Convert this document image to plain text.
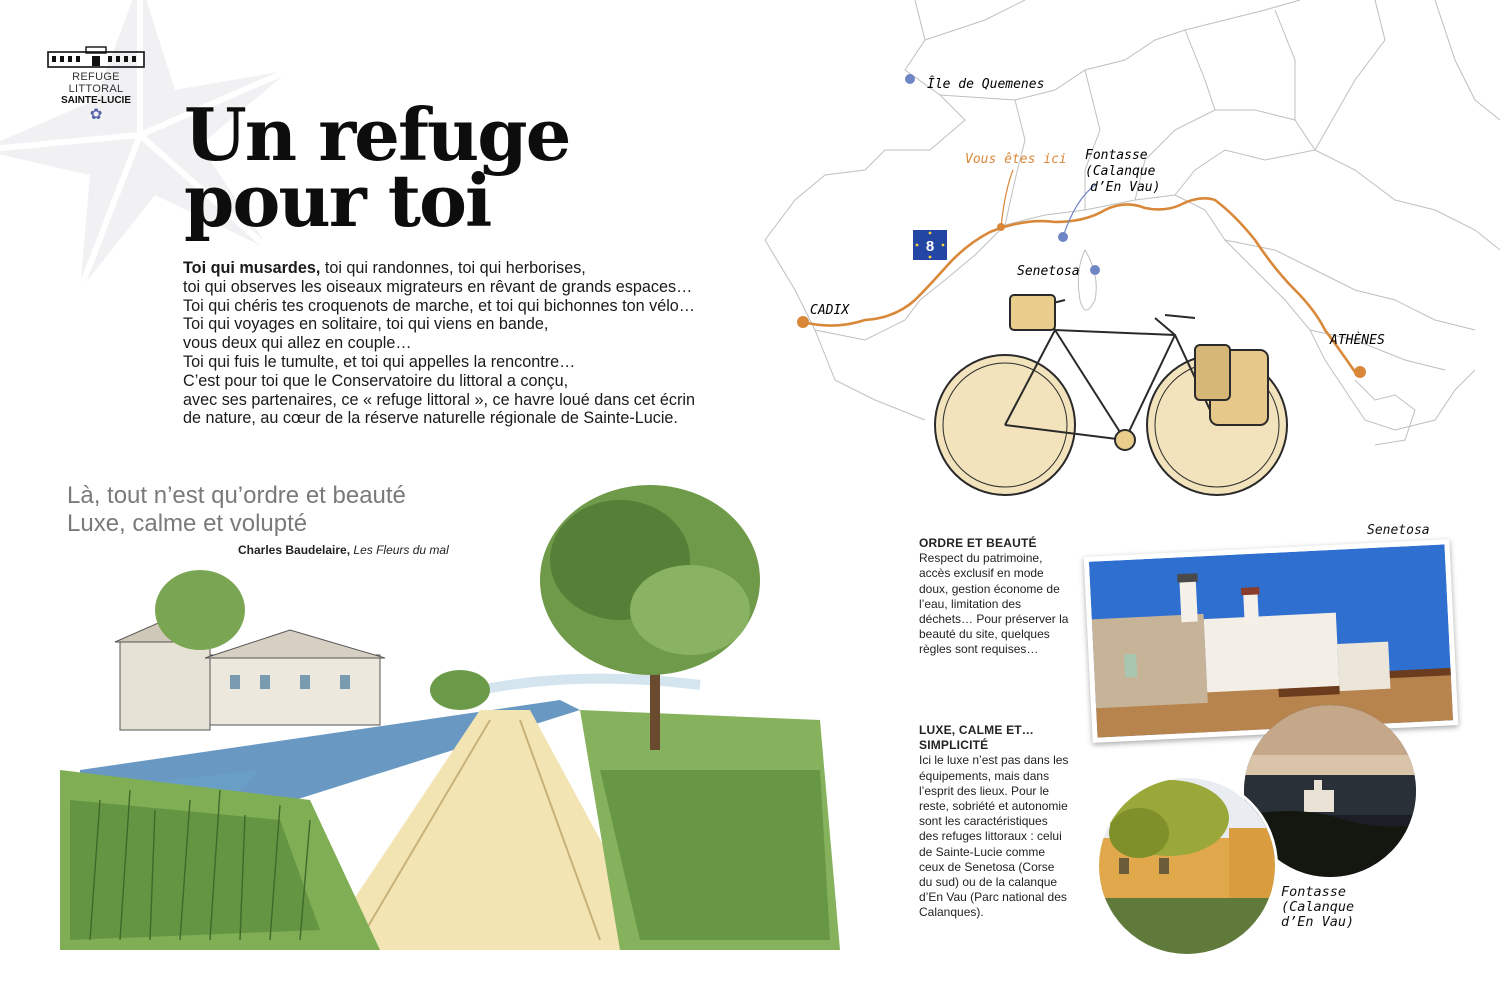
REFUGE LITTORAL
SAINTE-LUCIE
✿	Un refuge
pour toi
Toi qui musardes, toi qui randonnes, toi qui herborises,
toi qui observes les oiseaux migrateurs en rêvant de grands espaces…
Toi qui chéris tes croquenots de marche, et toi qui bichonnes ton vélo…
Toi qui voyages en solitaire, toi qui viens en bande,
vous deux qui allez en couple…
Toi qui fuis le tumulte, et toi qui appelles la rencontre…
C’est pour toi que le Conservatoire du littoral a conçu,
avec ses partenaires, ce « refuge littoral », ce havre loué dans cet écrin
de nature, au cœur de la réserve naturelle régionale de Sainte-Lucie.
Là, tout n’est qu’ordre et beauté
Luxe, calme et volupté
Charles Baudelaire, Les Fleurs du mal
8
Île de Quemenes
Vous êtes ici Fontasse
(Calanque
d’En Vau)
Senetosa
CADIX
ATHÈNES
ORDRE ET BEAUTÉ
Respect du patrimoine, accès exclusif en mode doux, gestion économe de l’eau, limitation des déchets… Pour préserver la beauté du site, quelques règles sont requises…
LUXE, CALME ET…
SIMPLICITÉ
Ici le luxe n’est pas dans les équipements, mais dans l’esprit des lieux. Pour le reste, sobriété et autonomie sont les caractéristiques des refuges littoraux : celui de Sainte-Lucie comme ceux de Senetosa (Corse du sud) ou de la calanque d’En Vau (Parc national des Calanques).
Senetosa
Fontasse
(Calanque
d’En Vau)
